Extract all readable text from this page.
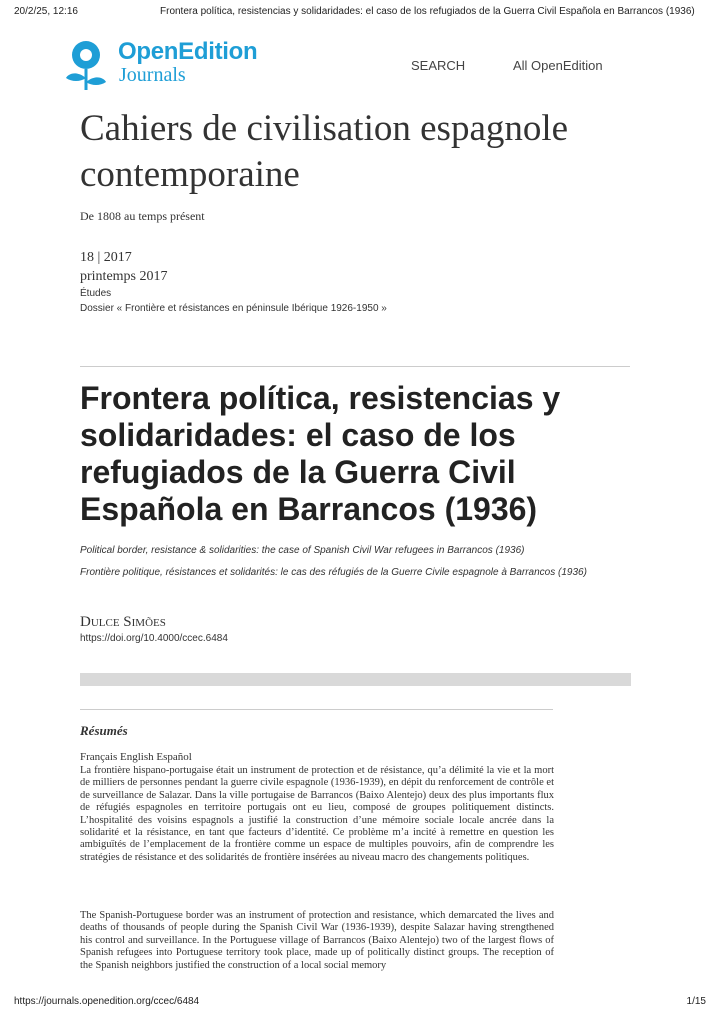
20/2/25, 12:16	Frontera política, resistencias y solidaridades: el caso de los refugiados de la Guerra Civil Española en Barrancos (1936)
OpenEdition
Journals	SEARCH	All OpenEdition
Cahiers de civilisation espagnole contemporaine
De 1808 au temps présent
18 | 2017
printemps 2017
Études
Dossier « Frontière et résistances en péninsule Ibérique 1926-1950 »
Frontera política, resistencias y solidaridades: el caso de los refugiados de la Guerra Civil Española en Barrancos (1936)
Political border, resistance & solidarities: the case of Spanish Civil War refugees in Barrancos (1936)
Frontière politique, résistances et solidarités: le cas des réfugiés de la Guerre Civile espagnole à Barrancos (1936)
Dulce Simões
https://doi.org/10.4000/ccec.6484
Résumés
Français English Español
La frontière hispano-portugaise était un instrument de protection et de résistance, qu’a délimité la vie et la mort de milliers de personnes pendant la guerre civile espagnole (1936-1939), en dépit du renforcement de contrôle et de surveillance de Salazar. Dans la ville portugaise de Barrancos (Baixo Alentejo) deux des plus importants flux de réfugiés espagnoles en territoire portugais ont eu lieu, composé de groupes politiquement distincts. L’hospitalité des voisins espagnols a justifié la construction d’une mémoire sociale locale ancrée dans la solidarité et la résistance, en tant que facteurs d’identité. Ce problème m’a incité à remettre en question les ambiguïtés de l’emplacement de la frontière comme un espace de multiples pouvoirs, afin de comprendre les stratégies de résistance et des solidarités de frontière insérées au niveau macro des changements politiques.
The Spanish-Portuguese border was an instrument of protection and resistance, which demarcated the lives and deaths of thousands of people during the Spanish Civil War (1936-1939), despite Salazar having strengthened his control and surveillance. In the Portuguese village of Barrancos (Baixo Alentejo) two of the largest flows of Spanish refugees into Portuguese territory took place, made up of politically distinct groups. The reception of the Spanish neighbors justified the construction of a local social memory
https://journals.openedition.org/ccec/6484	1/15
